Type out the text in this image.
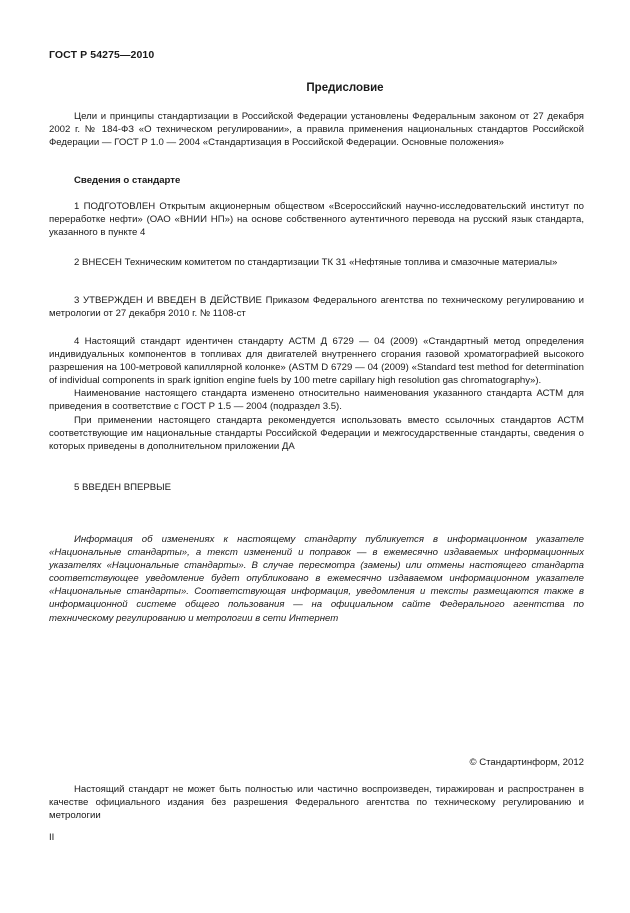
ГОСТ Р 54275—2010
Предисловие

Цели и принципы стандартизации в Российской Федерации установлены Федеральным законом от 27 декабря 2002 г. № 184-ФЗ «О техническом регулировании», а правила применения национальных стандартов Российской Федерации — ГОСТ Р 1.0 — 2004 «Стандартизация в Российской Федерации. Основные положения»

Сведения о стандарте

1 ПОДГОТОВЛЕН Открытым акционерным обществом «Всероссийский научно-исследовательский институт по переработке нефти» (ОАО «ВНИИ НП») на основе собственного аутентичного перевода на русский язык стандарта, указанного в пункте 4

2 ВНЕСЕН Техническим комитетом по стандартизации ТК 31 «Нефтяные топлива и смазочные материалы»

3 УТВЕРЖДЕН И ВВЕДЕН В ДЕЙСТВИЕ Приказом Федерального агентства по техническому регулированию и метрологии от 27 декабря 2010 г. № 1108-ст

4 Настоящий стандарт идентичен стандарту АСТМ Д 6729 — 04 (2009) «Стандартный метод определения индивидуальных компонентов в топливах для двигателей внутреннего сгорания газовой хроматографией высокого разрешения на 100-метровой капиллярной колонке» (ASTM D 6729 — 04 (2009) «Standard test method for determination of individual components in spark ignition engine fuels by 100 metre capillary high resolution gas chromatography»).

Наименование настоящего стандарта изменено относительно наименования указанного стандарта АСТМ для приведения в соответствие с ГОСТ Р 1.5 — 2004 (подраздел 3.5).

При применении настоящего стандарта рекомендуется использовать вместо ссылочных стандартов АСТМ соответствующие им национальные стандарты Российской Федерации и межгосударственные стандарты, сведения о которых приведены в дополнительном приложении ДА

5 ВВЕДЕН ВПЕРВЫЕ

Информация об изменениях к настоящему стандарту публикуется в информационном указателе «Национальные стандарты», а текст изменений и поправок — в ежемесячно издаваемых информационных указателях «Национальные стандарты». В случае пересмотра (замены) или отмены настоящего стандарта соответствующее уведомление будет опубликовано в ежемесячно издаваемом информационном указателе «Национальные стандарты». Соответствующая информация, уведомления и тексты размещаются также в информационной системе общего пользования — на официальном сайте Федерального агентства по техническому регулированию и метрологии в сети Интернет

© Стандартинформ, 2012

Настоящий стандарт не может быть полностью или частично воспроизведен, тиражирован и распространен в качестве официального издания без разрешения Федерального агентства по техническому регулированию и метрологии

II
